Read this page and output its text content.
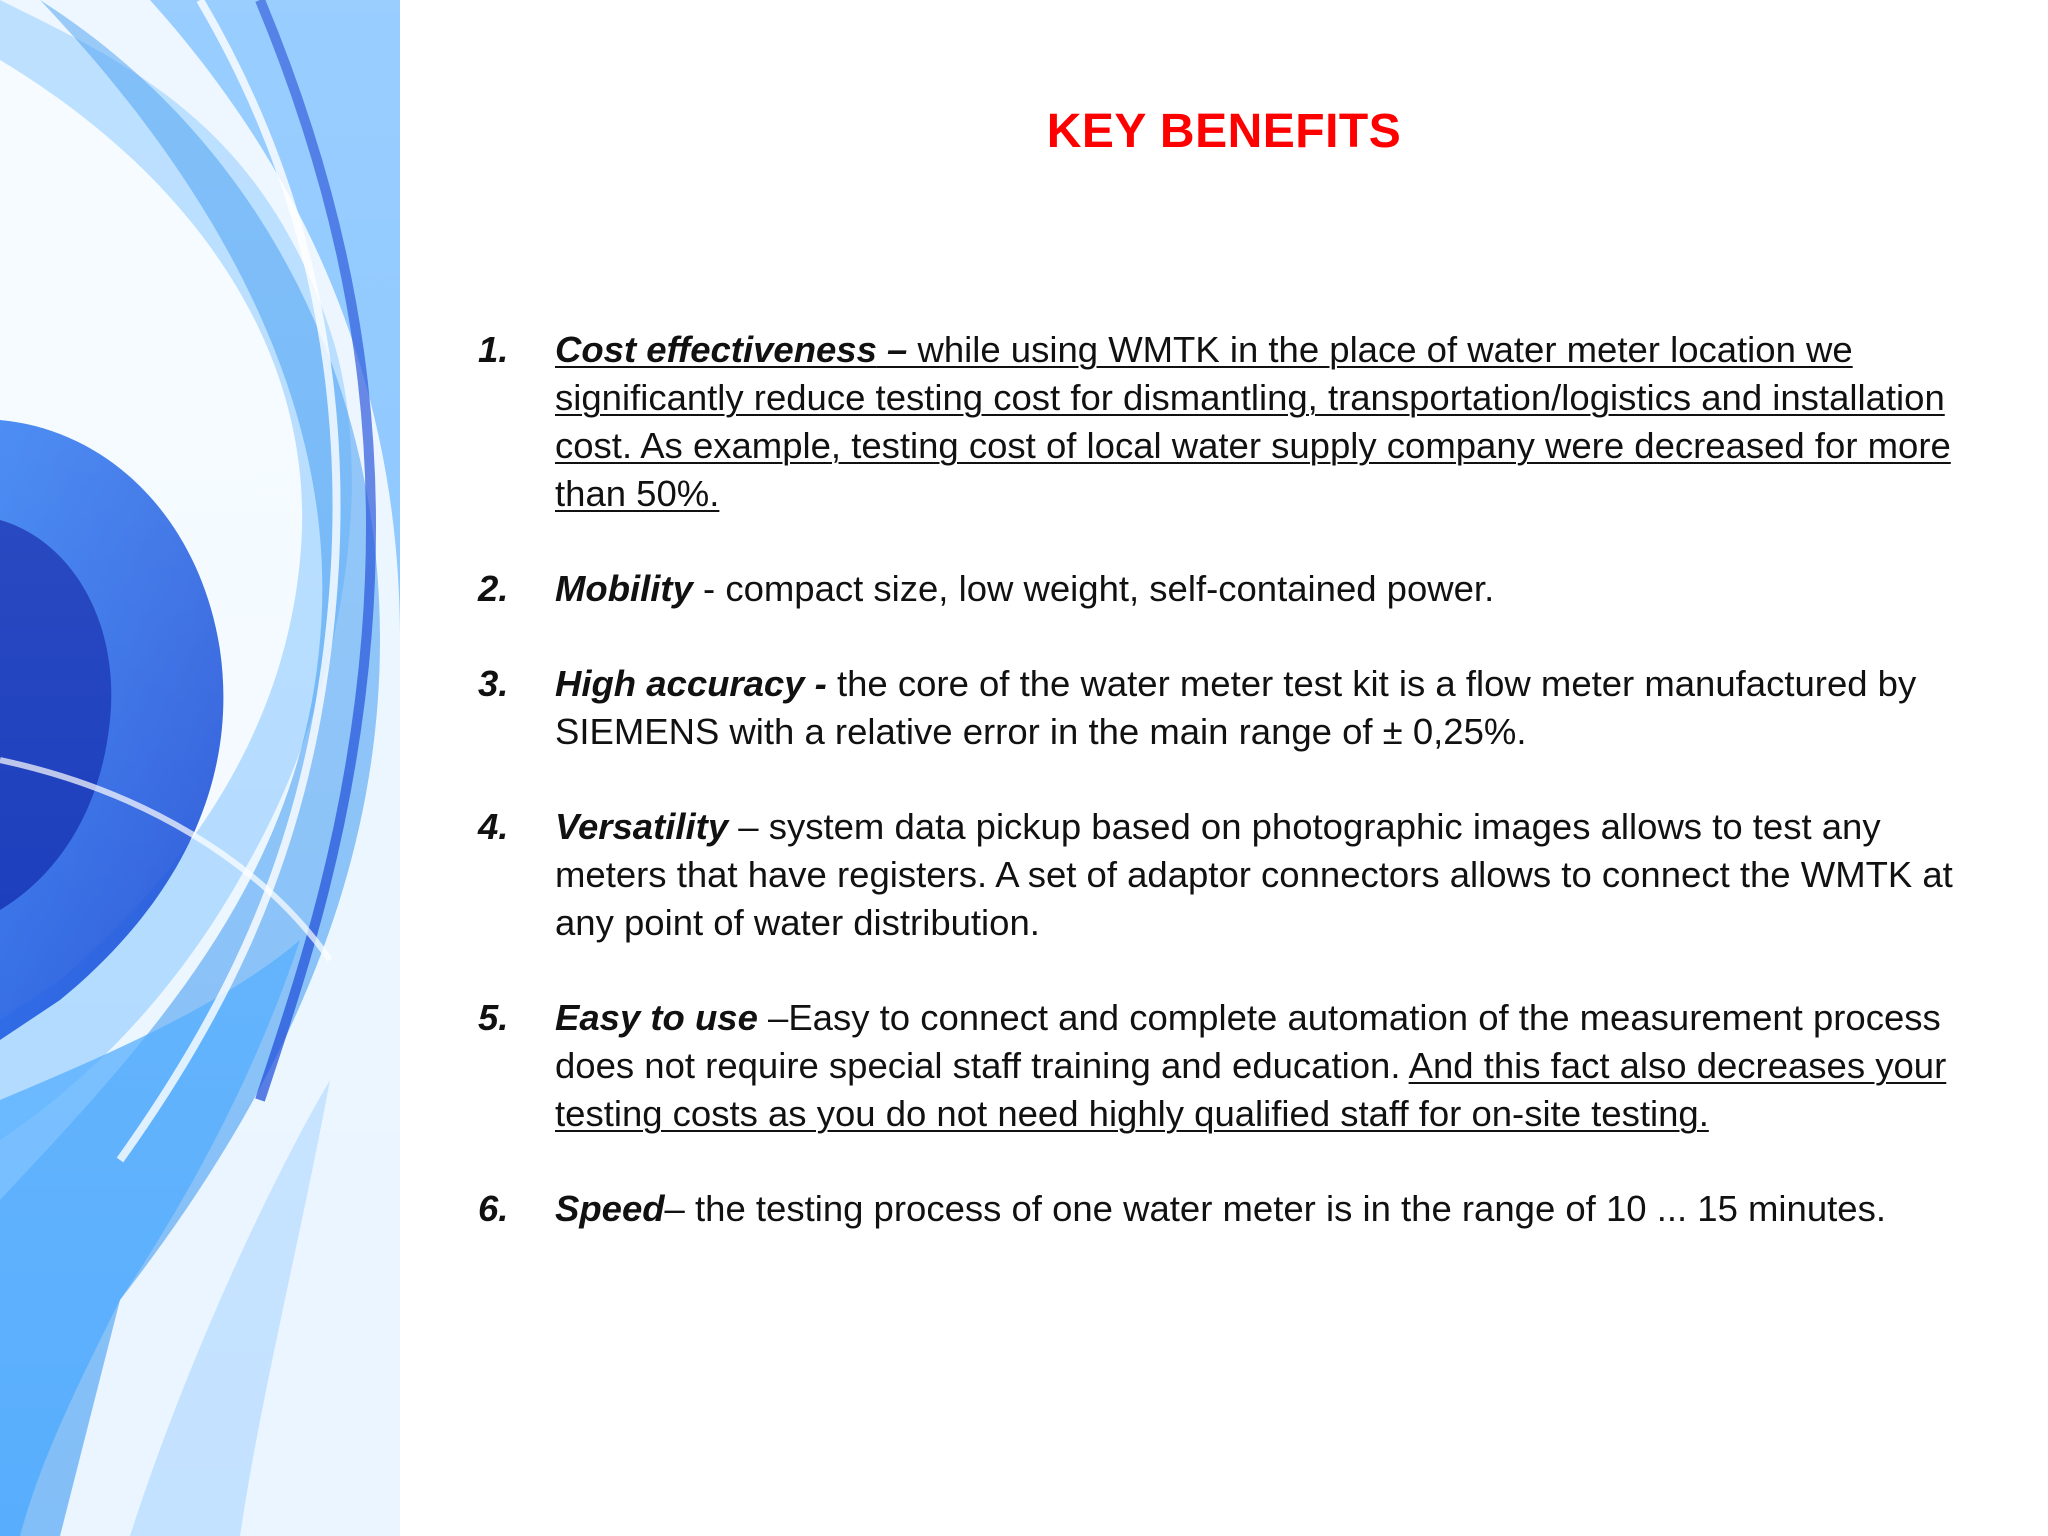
KEY BENEFITS
1.	Cost effectiveness – while using WMTK in the place of water meter location we significantly reduce testing cost for dismantling, transportation/logistics and installation cost. As example, testing cost of local water supply company were decreased for more than 50%.
2.	Mobility - compact size, low weight, self-contained power.
3.	High accuracy - the core of the water meter test kit is a flow meter manufactured by SIEMENS with a relative error in the main range of ± 0,25%.
4.	Versatility – system data pickup based on photographic images allows to test any meters that have registers. A set of adaptor connectors allows to connect the WMTK at any point of water distribution.
5.	Easy to use –Easy to connect and complete automation of the measurement process does not require special staff training and education. And this fact also decreases your testing costs as you do not need highly qualified staff for on-site testing.
6.	Speed– the testing process of one water meter is in the range of 10 ... 15 minutes.
